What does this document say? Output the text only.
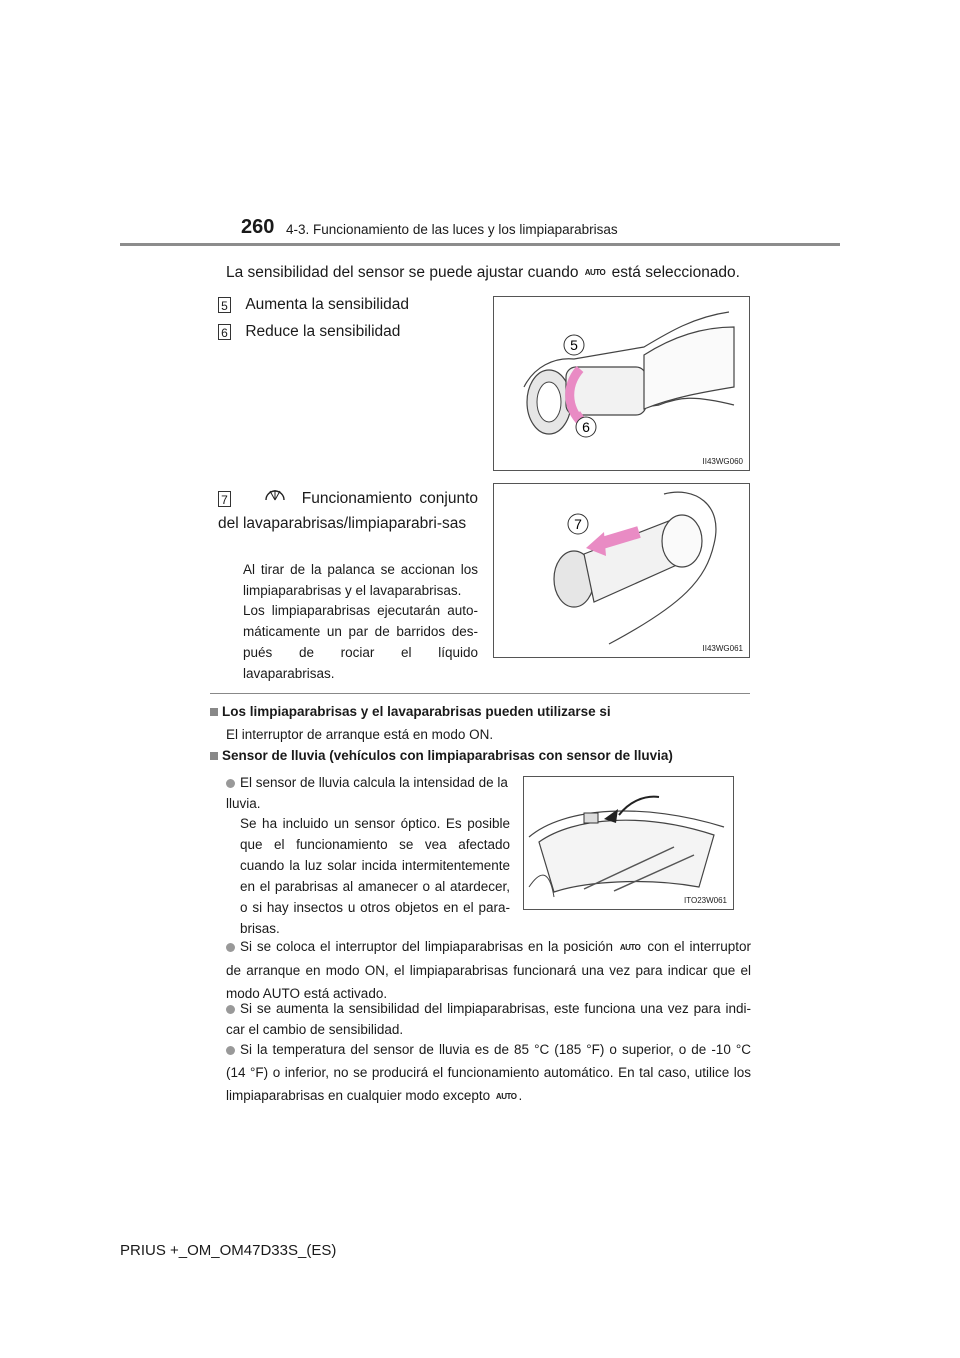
260 4-3. Funcionamiento de las luces y los limpiaparabrisas
La sensibilidad del sensor se puede ajustar cuando AUTO está seleccionado.
5 Aumenta la sensibilidad
6 Reduce la sensibilidad
5
6
II43WG060
7	Funcionamiento conjunto del lavaparabrisas/limpiaparabri-sas
Al tirar de la palanca se accionan los limpiaparabrisas y el lavaparabrisas.
Los limpiaparabrisas ejecutarán auto-máticamente un par de barridos des-pués de rociar el líquido lavaparabrisas.
7
II43WG061
Los limpiaparabrisas y el lavaparabrisas pueden utilizarse si
El interruptor de arranque está en modo ON.
Sensor de lluvia (vehículos con limpiaparabrisas con sensor de lluvia)
El sensor de lluvia calcula la intensidad de la lluvia.
Se ha incluido un sensor óptico. Es posible que el funcionamiento se vea afectado cuando la luz solar incida intermitentemente en el parabrisas al amanecer o al atardecer, o si hay insectos u otros objetos en el para-brisas.
ITO23W061
Si se coloca el interruptor del limpiaparabrisas en la posición AUTO con el interruptor de arranque en modo ON, el limpiaparabrisas funcionará una vez para indicar que el modo AUTO está activado.
Si se aumenta la sensibilidad del limpiaparabrisas, este funciona una vez para indi-car el cambio de sensibilidad.
Si la temperatura del sensor de lluvia es de 85 °C (185 °F) o superior, o de -10 °C (14 °F) o inferior, no se producirá el funcionamiento automático. En tal caso, utilice los limpiaparabrisas en cualquier modo excepto AUTO .
PRIUS +_OM_OM47D33S_(ES)
